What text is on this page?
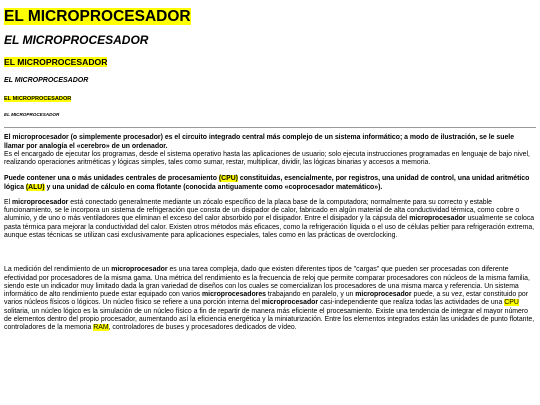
EL MICROPROCESADOR
EL MICROPROCESADOR
EL MICROPROCESADOR
EL MICROPROCESADOR
EL MICROPROCESADOR
EL MICROPROCESADOR

El microprocesador (o simplemente procesador) es el circuito integrado central más complejo de un sistema informático; a modo de ilustración, se le suele llamar por analogía el «cerebro» de un ordenador.
Es el encargado de ejecutar los programas, desde el sistema operativo hasta las aplicaciones de usuario; solo ejecuta instrucciones programadas en lenguaje de bajo nivel, realizando operaciones aritméticas y lógicas simples, tales como sumar, restar, multiplicar, dividir, las lógicas binarias y accesos a memoria.

Puede contener una o más unidades centrales de procesamiento (CPU) constituidas, esencialmente, por registros, una unidad de control, una unidad aritmético lógica (ALU) y una unidad de cálculo en coma flotante (conocida antiguamente como «coprocesador matemático»).

El microprocesador está conectado generalmente mediante un zócalo específico de la placa base de la computadora; normalmente para su correcto y estable funcionamiento, se le incorpora un sistema de refrigeración que consta de un disipador de calor, fabricado en algún material de alta conductividad térmica, como cobre o aluminio, y de uno o más ventiladores que eliminan el exceso del calor absorbido por el disipador. Entre el disipador y la cápsula del microprocesador usualmente se coloca pasta térmica para mejorar la conductividad del calor. Existen otros métodos más eficaces, como la refrigeración líquida o el uso de células peltier para refrigeración extrema, aunque estas técnicas se utilizan casi exclusivamente para aplicaciones especiales, tales como en las prácticas de overclocking.

La medición del rendimiento de un microprocesador es una tarea compleja, dado que existen diferentes tipos de "cargas" que pueden ser procesadas con diferente efectividad por procesadores de la misma gama. Una métrica del rendimiento es la frecuencia de reloj que permite comparar procesadores con núcleos de la misma familia, siendo este un indicador muy limitado dada la gran variedad de diseños con los cuales se comercializan los procesadores de una misma marca y referencia. Un sistema informático de alto rendimiento puede estar equipado con varios microprocesadores trabajando en paralelo, y un microprocesador puede, a su vez, estar constituido por varios núcleos físicos o lógicos. Un núcleo físico se refiere a una porción interna del microprocesador casi-independiente que realiza todas las actividades de una CPU solitaria, un núcleo lógico es la simulación de un núcleo físico a fin de repartir de manera más eficiente el procesamiento. Existe una tendencia de integrar el mayor número de elementos dentro del propio procesador, aumentando así la eficiencia energética y la miniaturización. Entre los elementos integrados están las unidades de punto flotante, controladores de la memoria RAM, controladores de buses y procesadores dedicados de vídeo.
